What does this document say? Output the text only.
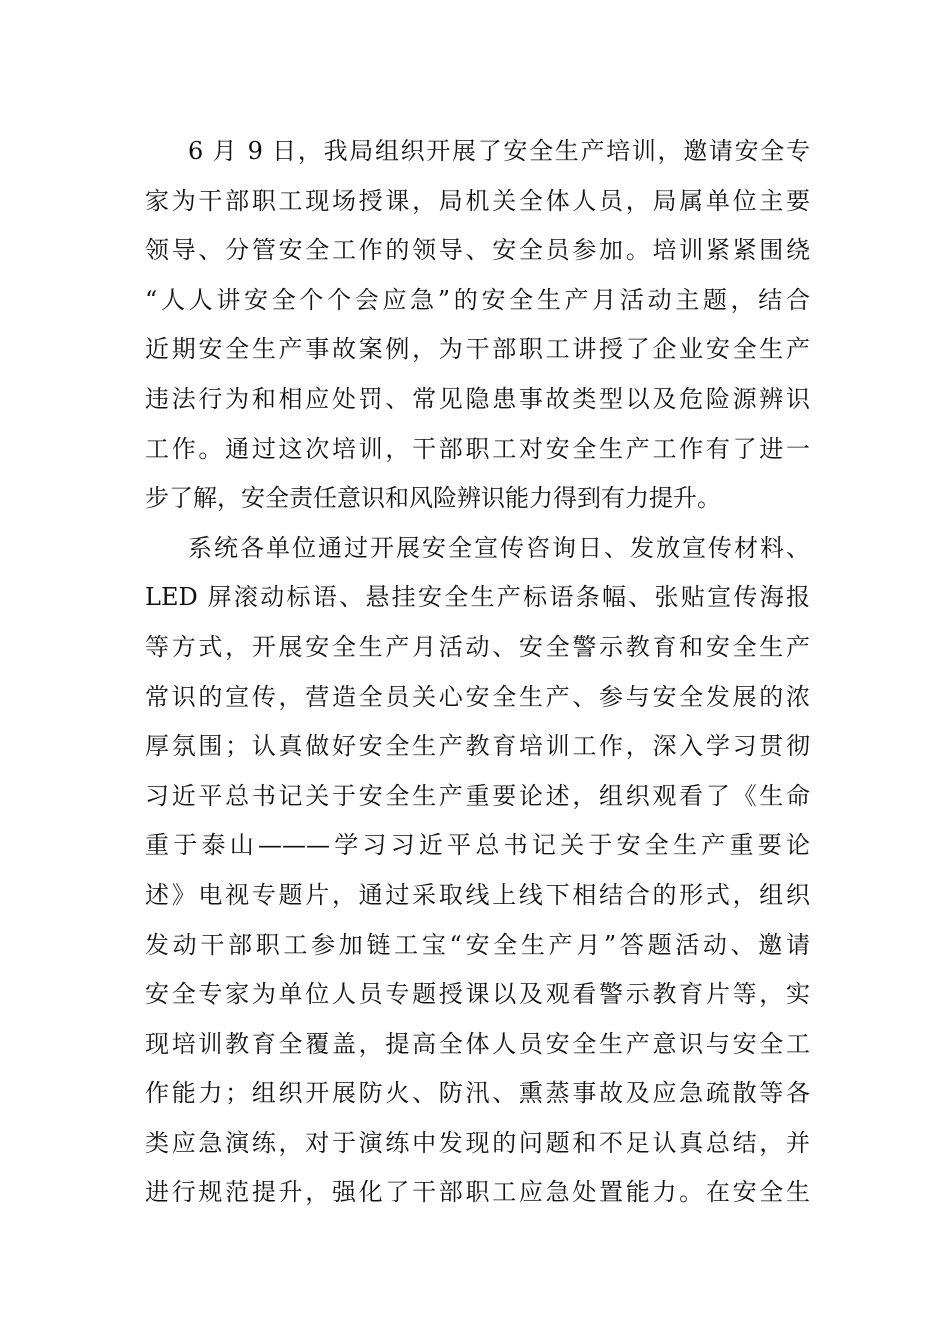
6 月 9 日，我局组织开展了安全生产培训，邀请安全专
家为干部职工现场授课，局机关全体人员，局属单位主要
领导、分管安全工作的领导、安全员参加。培训紧紧围绕
“人人讲安全个个会应急”的安全生产月活动主题，结合
近期安全生产事故案例，为干部职工讲授了企业安全生产
违法行为和相应处罚、常见隐患事故类型以及危险源辨识
工作。通过这次培训，干部职工对安全生产工作有了进一
步了解，安全责任意识和风险辨识能力得到有力提升。
系统各单位通过开展安全宣传咨询日、发放宣传材料、
LED 屏滚动标语、悬挂安全生产标语条幅、张贴宣传海报
等方式，开展安全生产月活动、安全警示教育和安全生产
常识的宣传，营造全员关心安全生产、参与安全发展的浓
厚氛围；认真做好安全生产教育培训工作，深入学习贯彻
习近平总书记关于安全生产重要论述，组织观看了《生命
重于泰山———学习习近平总书记关于安全生产重要论
述》电视专题片，通过采取线上线下相结合的形式，组织
发动干部职工参加链工宝“安全生产月”答题活动、邀请
安全专家为单位人员专题授课以及观看警示教育片等，实
现培训教育全覆盖，提高全体人员安全生产意识与安全工
作能力；组织开展防火、防汛、熏蒸事故及应急疏散等各
类应急演练，对于演练中发现的问题和不足认真总结，并
进行规范提升，强化了干部职工应急处置能力。在安全生
